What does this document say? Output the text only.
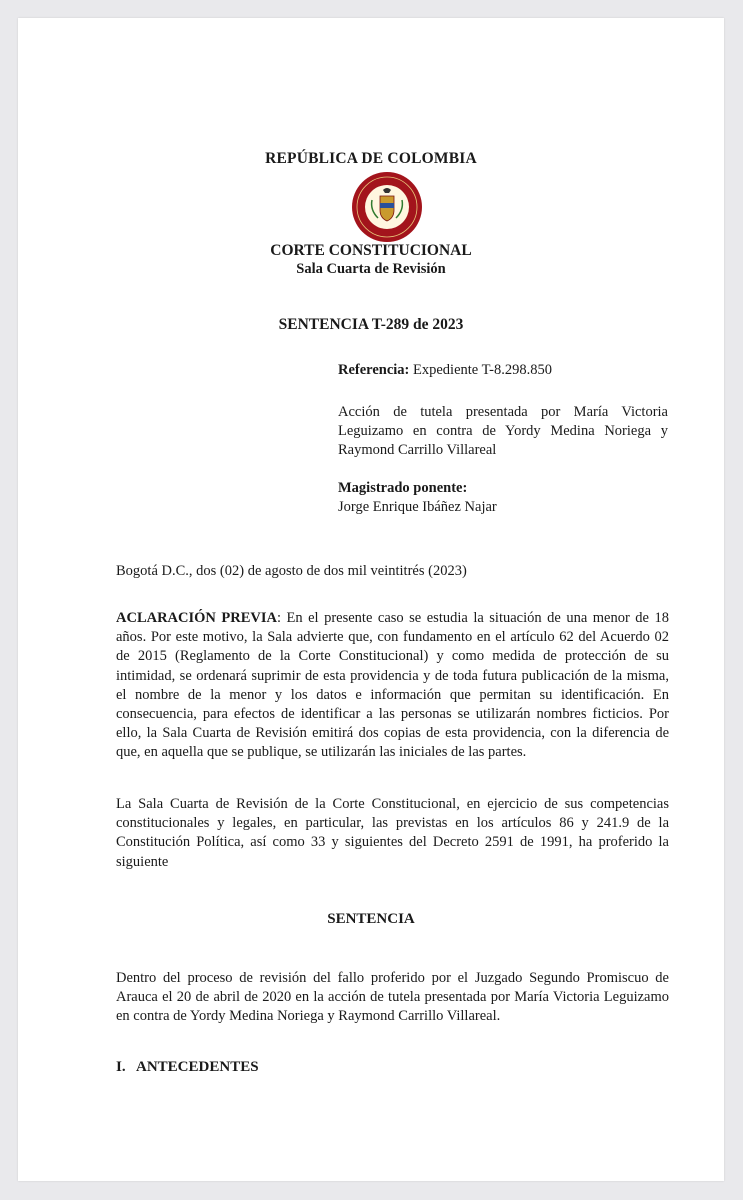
REPÚBLICA DE COLOMBIA
CORTE CONSTITUCIONAL
Sala Cuarta de Revisión
SENTENCIA T-289 de 2023
Referencia: Expediente T-8.298.850
Acción de tutela presentada por María Victoria Leguizamo en contra de Yordy Medina Noriega y Raymond Carrillo Villareal
Magistrado ponente:
Jorge Enrique Ibáñez Najar
Bogotá D.C., dos (02) de agosto de dos mil veintitrés (2023)
ACLARACIÓN PREVIA: En el presente caso se estudia la situación de una menor de 18 años. Por este motivo, la Sala advierte que, con fundamento en el artículo 62 del Acuerdo 02 de 2015 (Reglamento de la Corte Constitucional) y como medida de protección de su intimidad, se ordenará suprimir de esta providencia y de toda futura publicación de la misma, el nombre de la menor y los datos e información que permitan su identificación. En consecuencia, para efectos de identificar a las personas se utilizarán nombres ficticios. Por ello, la Sala Cuarta de Revisión emitirá dos copias de esta providencia, con la diferencia de que, en aquella que se publique, se utilizarán las iniciales de las partes.
La Sala Cuarta de Revisión de la Corte Constitucional, en ejercicio de sus competencias constitucionales y legales, en particular, las previstas en los artículos 86 y 241.9 de la Constitución Política, así como 33 y siguientes del Decreto 2591 de 1991, ha proferido la siguiente
SENTENCIA
Dentro del proceso de revisión del fallo proferido por el Juzgado Segundo Promiscuo de Arauca el 20 de abril de 2020 en la acción de tutela presentada por María Victoria Leguizamo en contra de Yordy Medina Noriega y Raymond Carrillo Villareal.
I.   ANTECEDENTES
